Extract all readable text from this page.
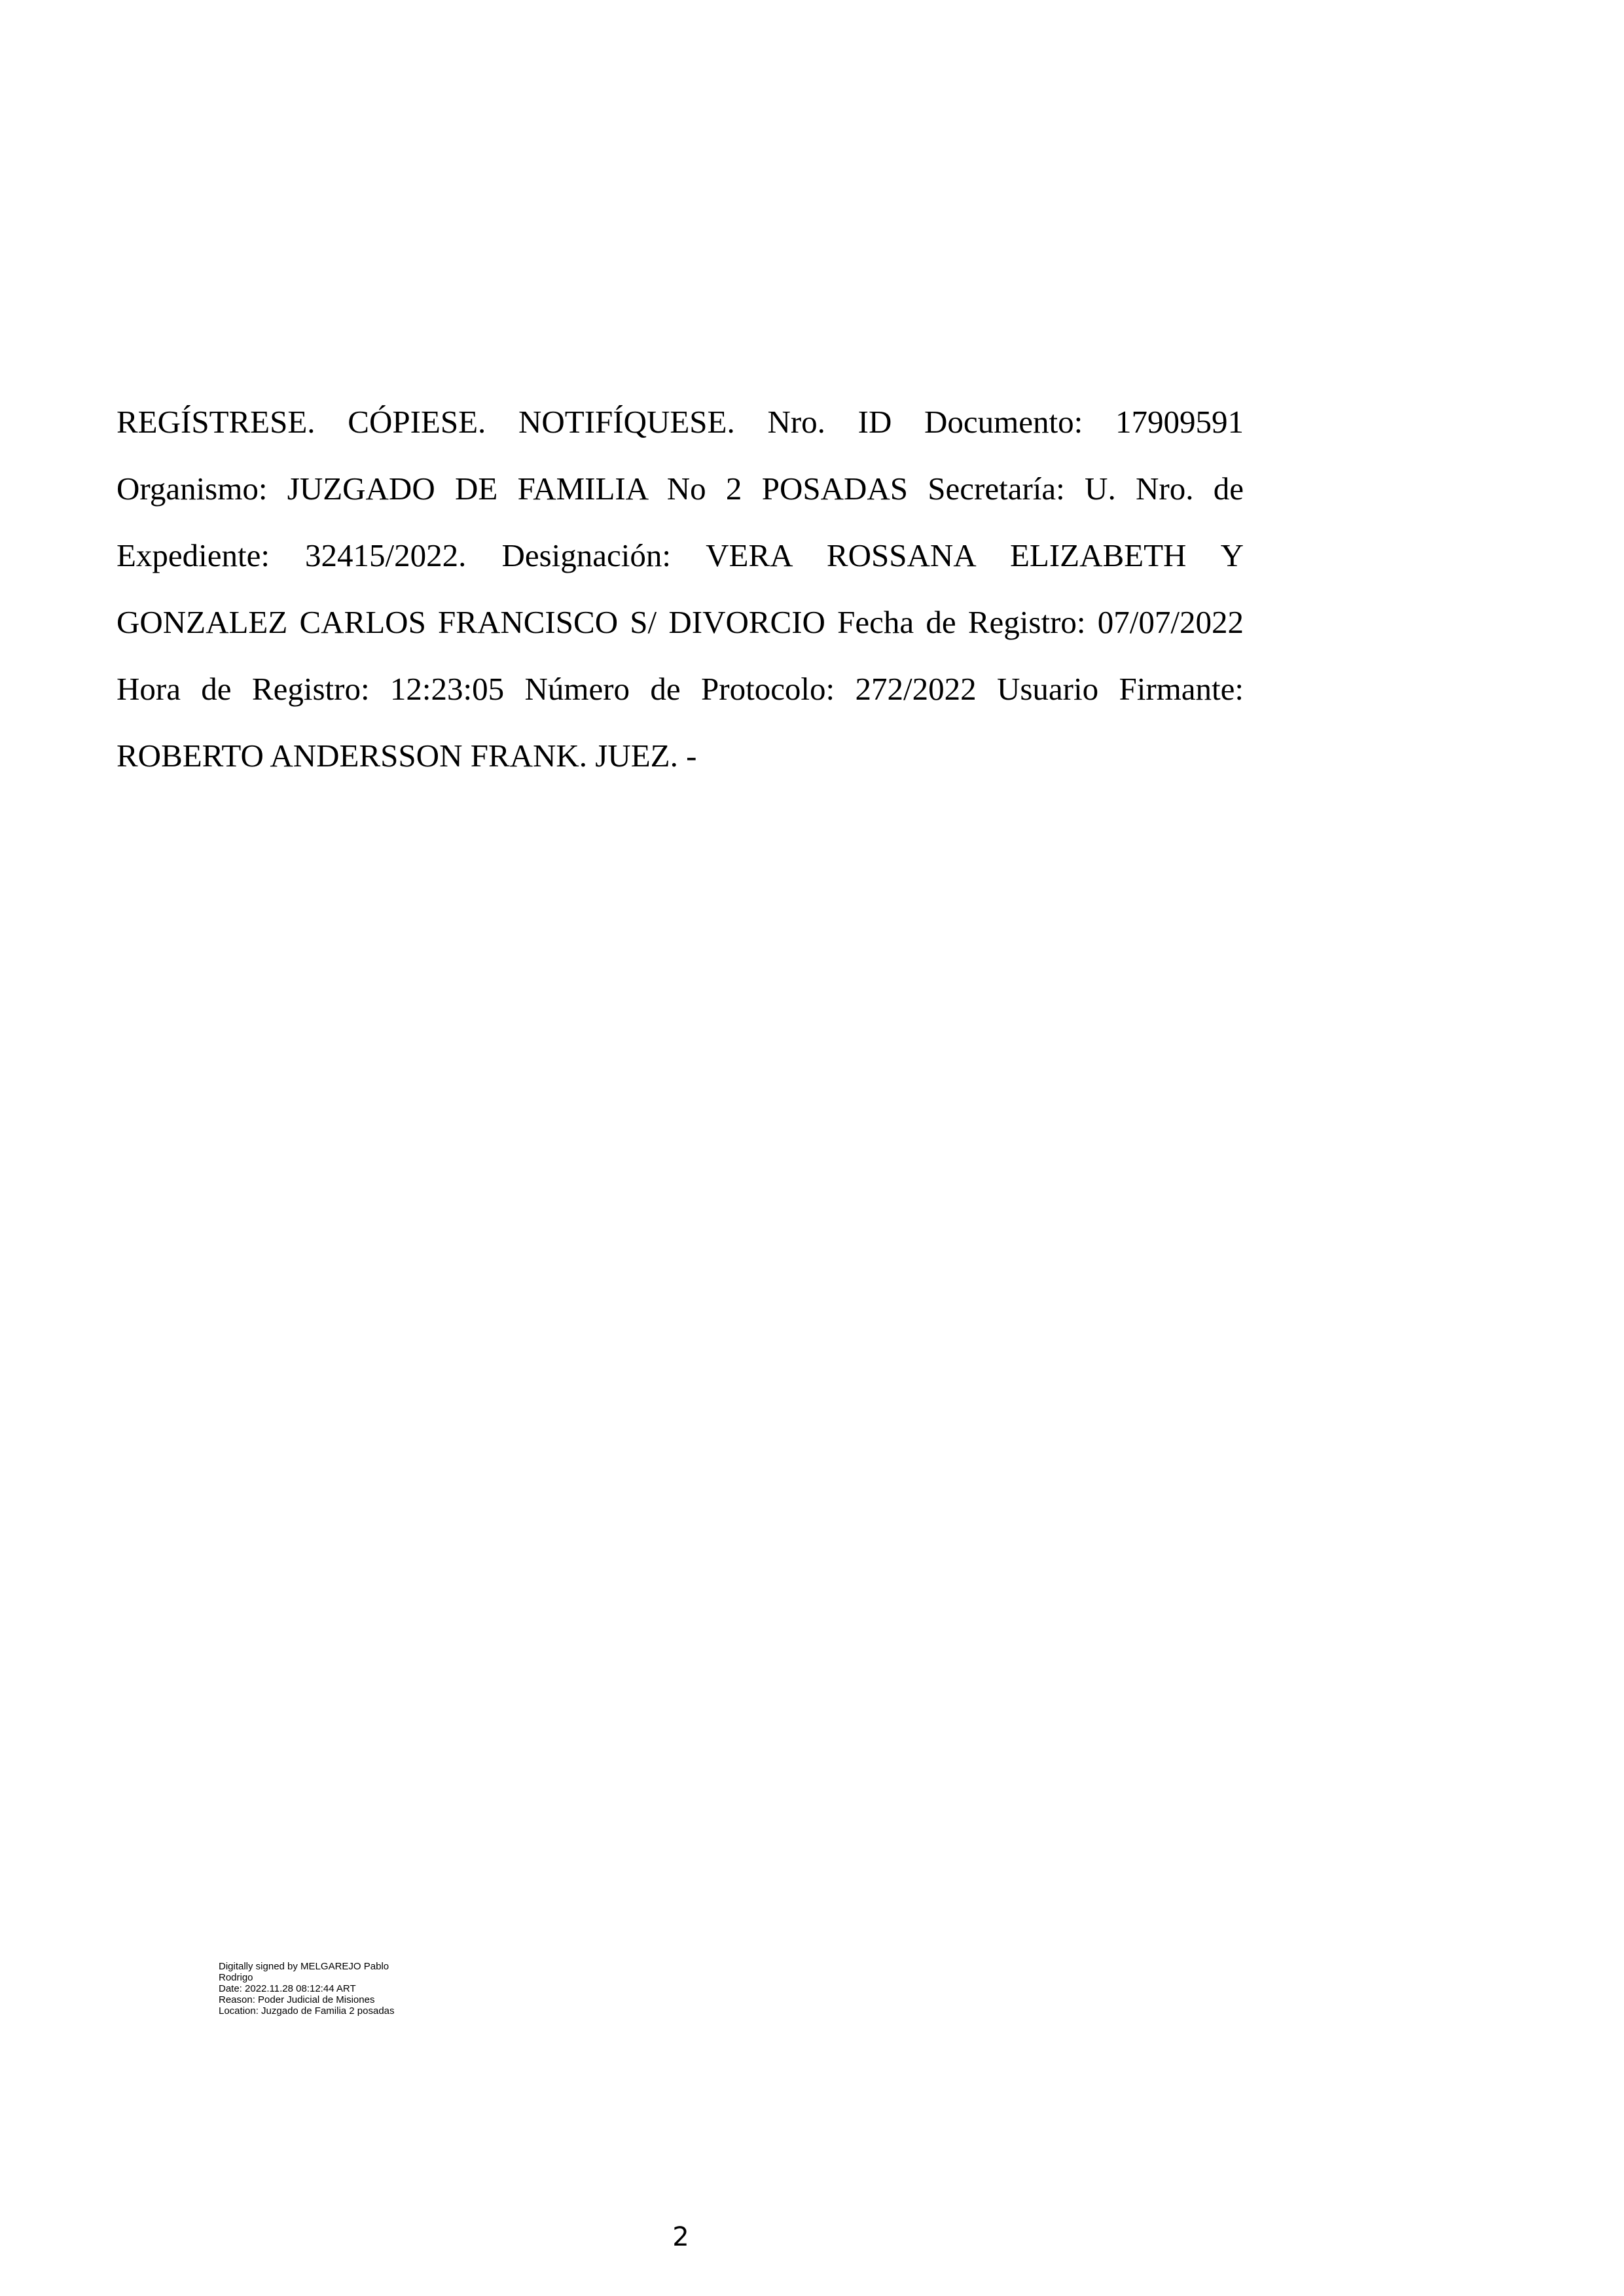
REGÍSTRESE. CÓPIESE. NOTIFÍQUESE. Nro. ID Documento: 17909591
Organismo: JUZGADO DE FAMILIA No 2 POSADAS Secretaría: U. Nro. de
Expediente: 32415/2022. Designación: VERA ROSSANA ELIZABETH Y
GONZALEZ CARLOS FRANCISCO S/ DIVORCIO Fecha de Registro: 07/07/2022
Hora de Registro: 12:23:05 Número de Protocolo: 272/2022 Usuario Firmante:
ROBERTO ANDERSSON FRANK. JUEZ. -

Digitally signed by MELGAREJO Pablo
Rodrigo
Date: 2022.11.28 08:12:44 ART
Reason: Poder Judicial de Misiones
Location: Juzgado de Familia 2 posadas
2
